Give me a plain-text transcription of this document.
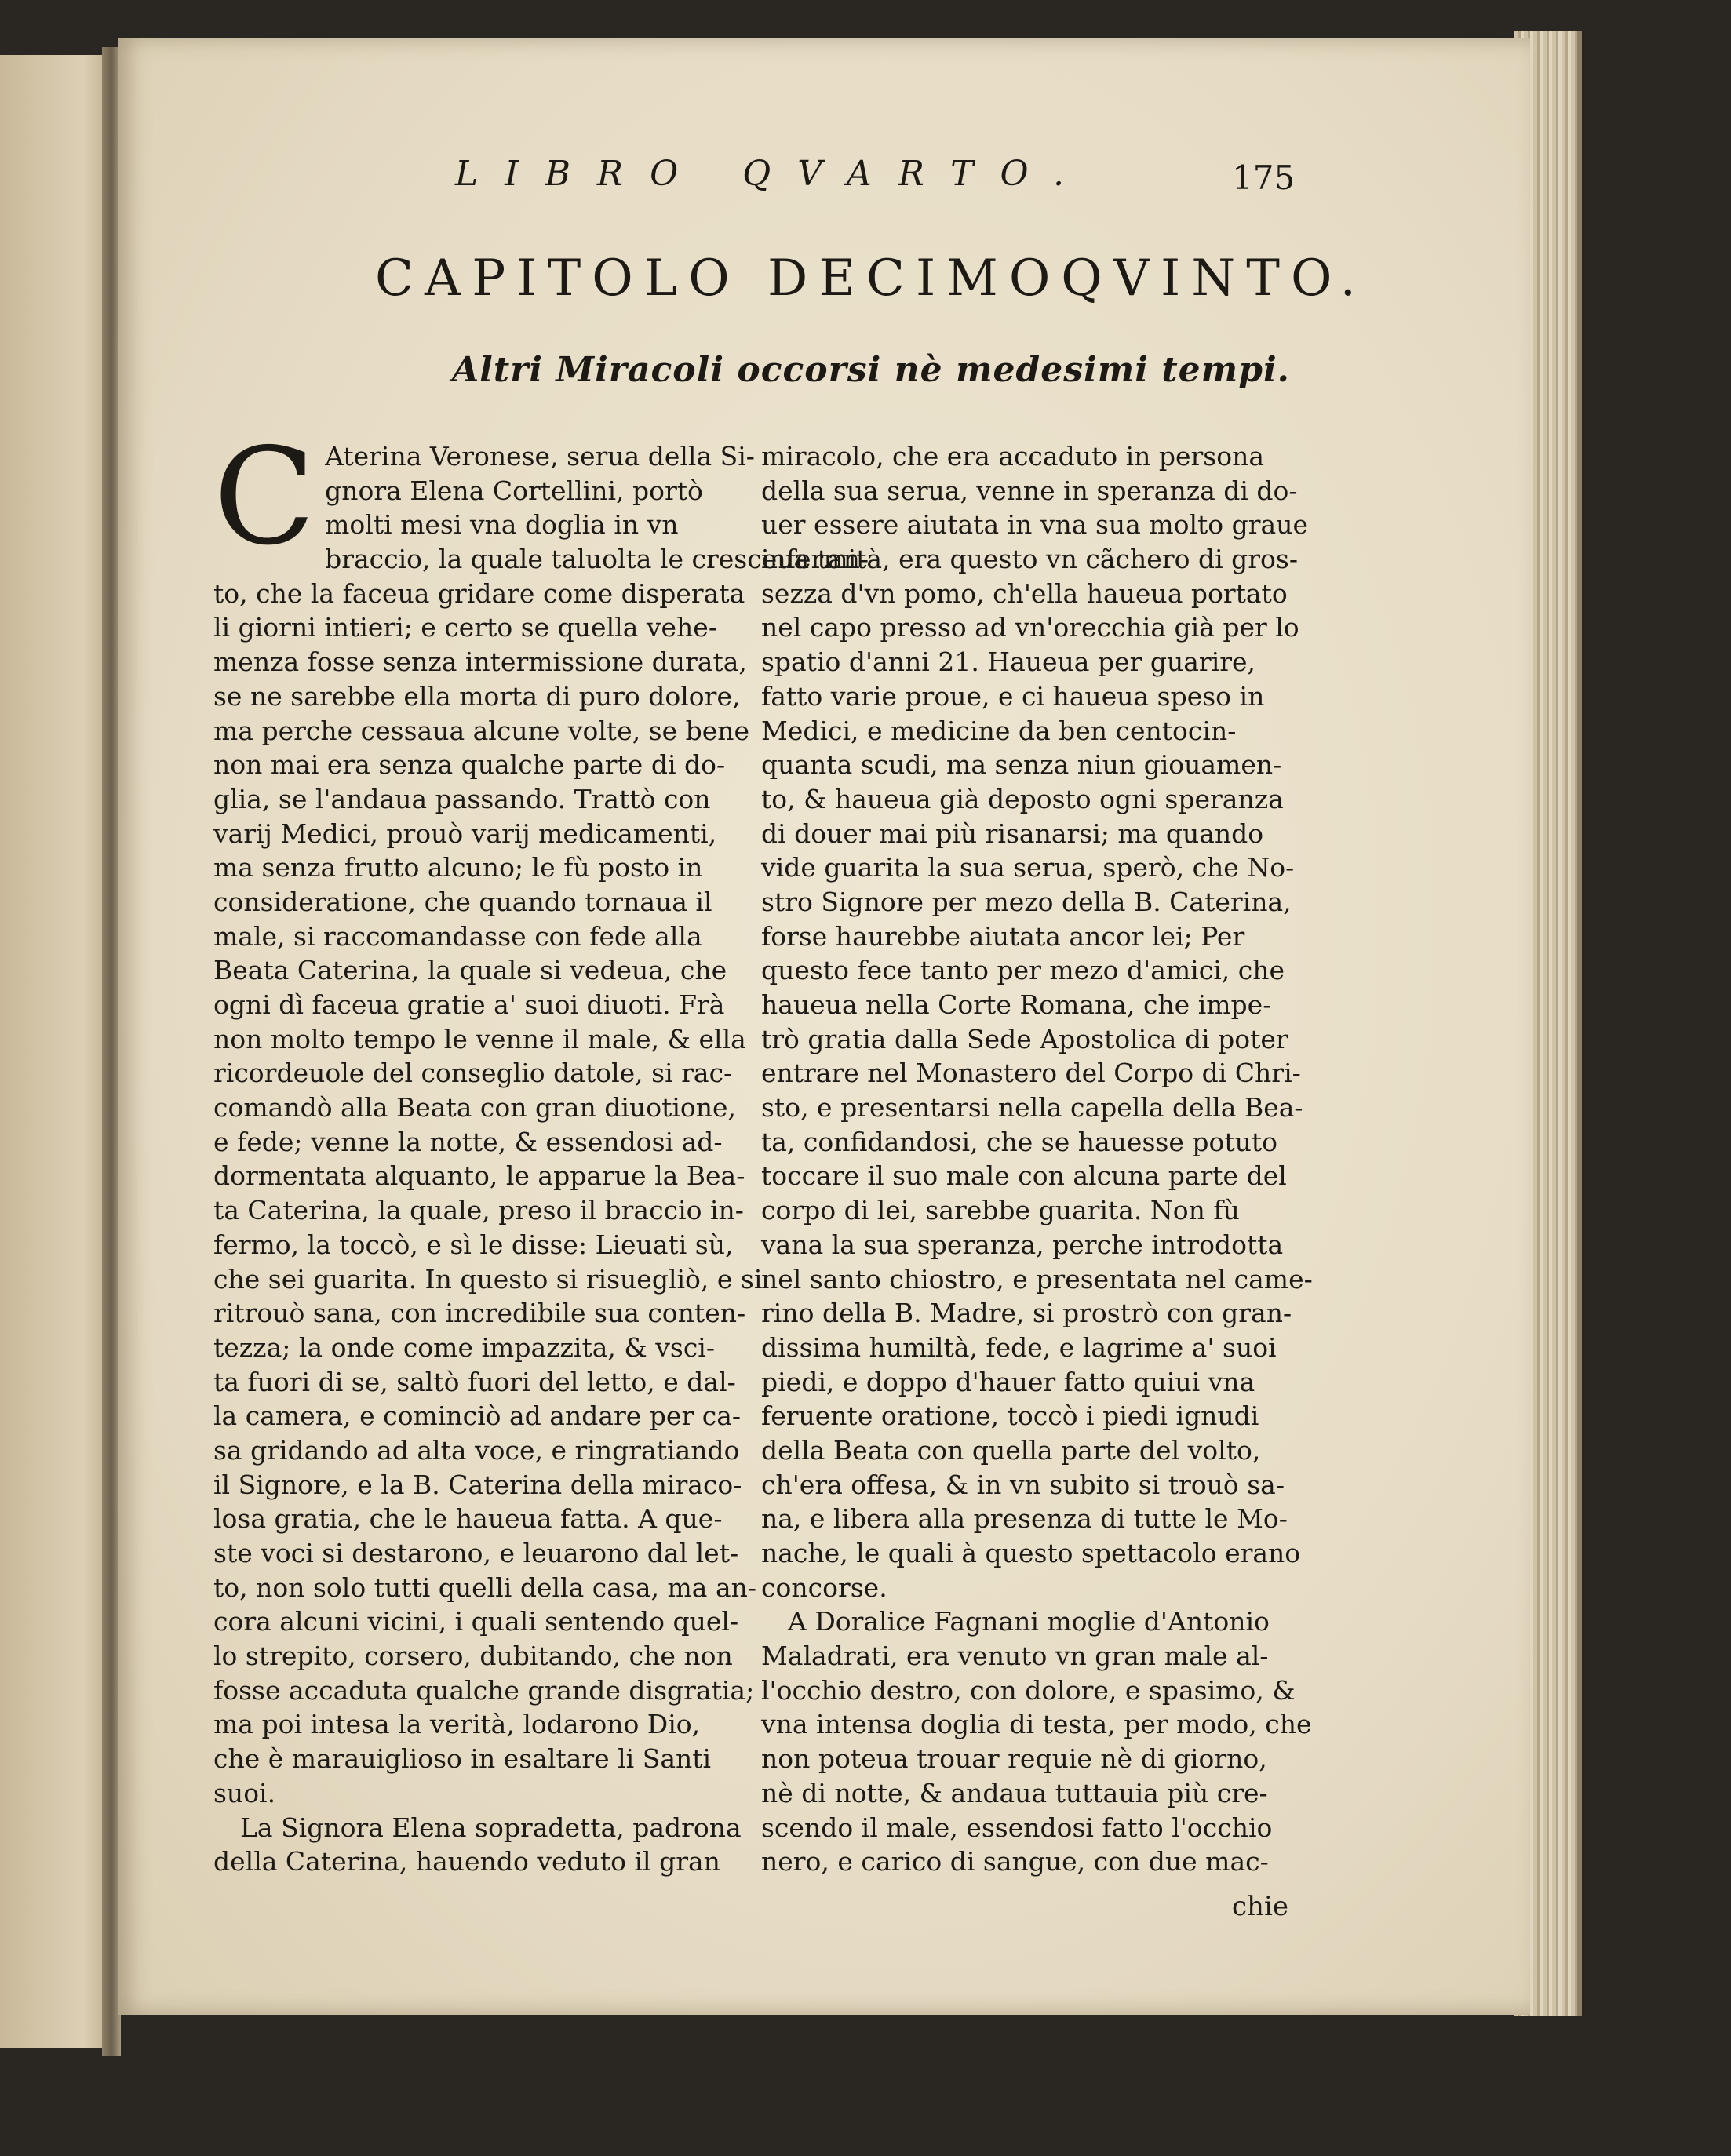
LIBRO QVARTO.	175
CAPITOLO DECIMOQVINTO.
Altri Miracoli occorsi nè medesimi tempi.
C Aterina Veronese, serua della Si-
gnora Elena Cortellini, portò
molti mesi vna doglia in vn
braccio, la quale taluolta le cresceua tan-
to, che la faceua gridare come disperata
li giorni intieri; e certo se quella vehe-
menza fosse senza intermissione durata,
se ne sarebbe ella morta di puro dolore,
ma perche cessaua alcune volte, se bene
non mai era senza qualche parte di do-
glia, se l'andaua passando. Trattò con
varij Medici, prouò varij medicamenti,
ma senza frutto alcuno; le fù posto in
consideratione, che quando tornaua il
male, si raccomandasse con fede alla
Beata Caterina, la quale si vedeua, che
ogni dì faceua gratie a' suoi diuoti. Frà
non molto tempo le venne il male, & ella
ricordeuole del conseglio datole, si rac-
comandò alla Beata con gran diuotione,
e fede; venne la notte, & essendosi ad-
dormentata alquanto, le apparue la Bea-
ta Caterina, la quale, preso il braccio in-
fermo, la toccò, e sì le disse: Lieuati sù,
che sei guarita. In questo si risuegliò, e si
ritrouò sana, con incredibile sua conten-
tezza; la onde come impazzita, & vsci-
ta fuori di se, saltò fuori del letto, e dal-
la camera, e cominciò ad andare per ca-
sa gridando ad alta voce, e ringratiando
il Signore, e la B. Caterina della miraco-
losa gratia, che le haueua fatta. A que-
ste voci si destarono, e leuarono dal let-
to, non solo tutti quelli della casa, ma an-
cora alcuni vicini, i quali sentendo quel-
lo strepito, corsero, dubitando, che non
fosse accaduta qualche grande disgratia;
ma poi intesa la verità, lodarono Dio,
che è marauiglioso in esaltare li Santi
suoi.
La Signora Elena sopradetta, padrona
della Caterina, hauendo veduto il gran
miracolo, che era accaduto in persona
della sua serua, venne in speranza di do-
uer essere aiutata in vna sua molto graue
infermità, era questo vn cãchero di gros-
sezza d'vn pomo, ch'ella haueua portato
nel capo presso ad vn'orecchia già per lo
spatio d'anni 21. Haueua per guarire,
fatto varie proue, e ci haueua speso in
Medici, e medicine da ben centocin-
quanta scudi, ma senza niun giouamen-
to, & haueua già deposto ogni speranza
di douer mai più risanarsi; ma quando
vide guarita la sua serua, sperò, che No-
stro Signore per mezo della B. Caterina,
forse haurebbe aiutata ancor lei; Per
questo fece tanto per mezo d'amici, che
haueua nella Corte Romana, che impe-
trò gratia dalla Sede Apostolica di poter
entrare nel Monastero del Corpo di Chri-
sto, e presentarsi nella capella della Bea-
ta, confidandosi, che se hauesse potuto
toccare il suo male con alcuna parte del
corpo di lei, sarebbe guarita. Non fù
vana la sua speranza, perche introdotta
nel santo chiostro, e presentata nel came-
rino della B. Madre, si prostrò con gran-
dissima humiltà, fede, e lagrime a' suoi
piedi, e doppo d'hauer fatto quiui vna
feruente oratione, toccò i piedi ignudi
della Beata con quella parte del volto,
ch'era offesa, & in vn subito si trouò sa-
na, e libera alla presenza di tutte le Mo-
nache, le quali à questo spettacolo erano
concorse.
A Doralice Fagnani moglie d'Antonio
Maladrati, era venuto vn gran male al-
l'occhio destro, con dolore, e spasimo, &
vna intensa doglia di testa, per modo, che
non poteua trouar requie nè di giorno,
nè di notte, & andaua tuttauia più cre-
scendo il male, essendosi fatto l'occhio
nero, e carico di sangue, con due mac-
chie
